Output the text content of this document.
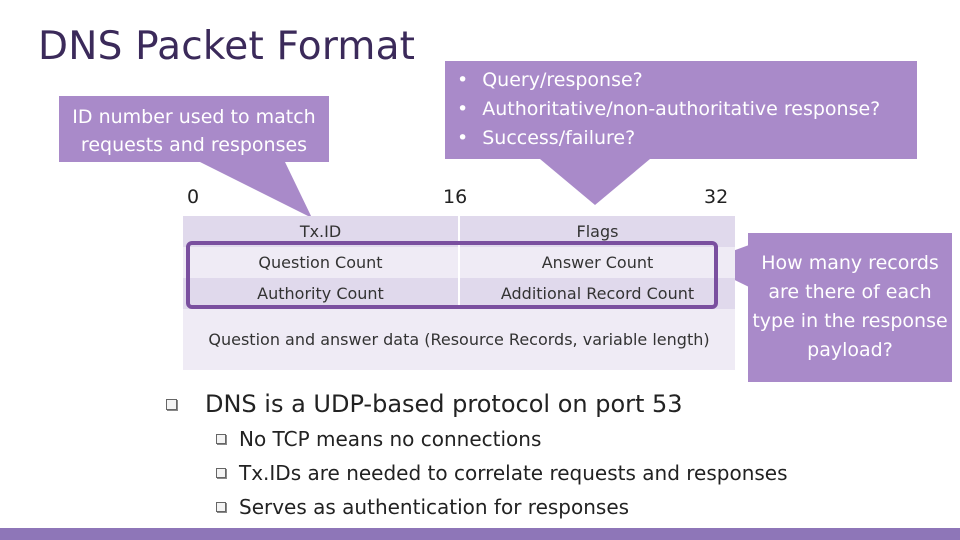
DNS Packet Format
ID number used to match requests and responses
• Query/response?
• Authoritative/non-authoritative response?
• Success/failure?
How many records are there of each type in the response payload?
0	16	32
Tx.ID	Flags
Question Count	Answer Count
Authority Count	Additional Record Count
Question and answer data (Resource Records, variable length)
DNS is a UDP-based protocol on port 53
No TCP means no connections
Tx.IDs are needed to correlate requests and responses
Serves as authentication for responses
